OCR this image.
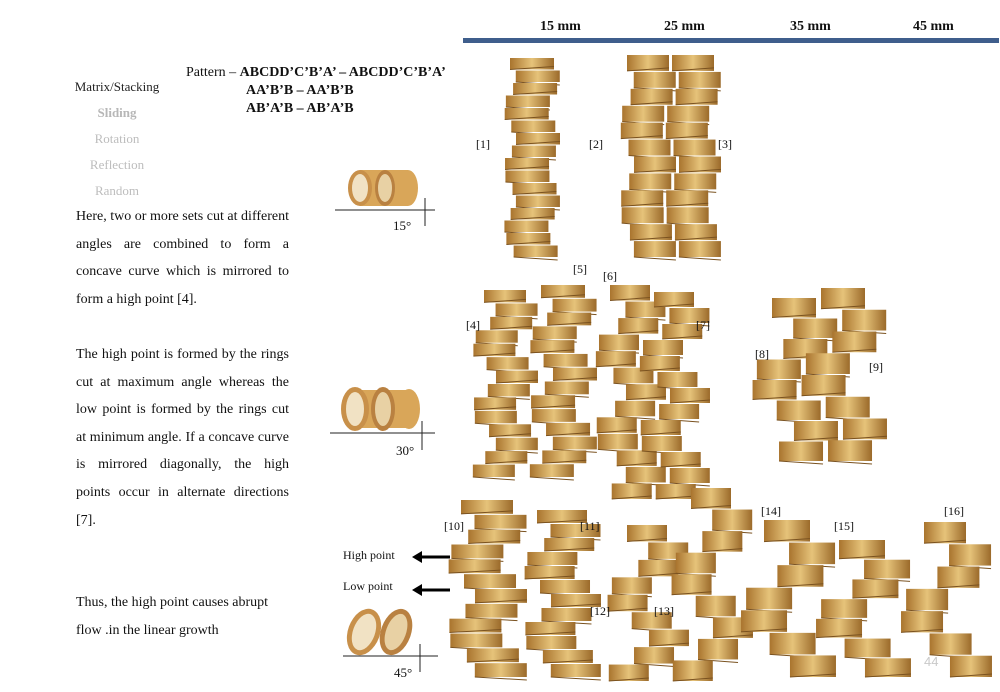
15 mm	25 mm	35 mm	45 mm
Matrix/Stacking
Sliding
Rotation
Reflection
Random
Pattern – ABCDD’C’B’A’ – ABCDD’C’B’A’
AA’B’B – AA’B’B
AB’A’B – AB’A’B
Here, two or more sets cut at different angles are combined to form a concave curve which is mirrored to form a high point [4].
The high point is formed by the rings cut at maximum angle whereas the low point is formed by the rings cut at minimum angle. If a concave curve is mirrored diagonally, the high points occur in alternate directions [7].
Thus, the high point causes abrupt flow .in the linear growth
15°
30°
45°
High point
Low point
[1]	[2]	[3]
[4]
[5] [6]
[7]
[8]
[9]
[10]	[11]
[12]	[13]
[14]
[15]
[16]
44
